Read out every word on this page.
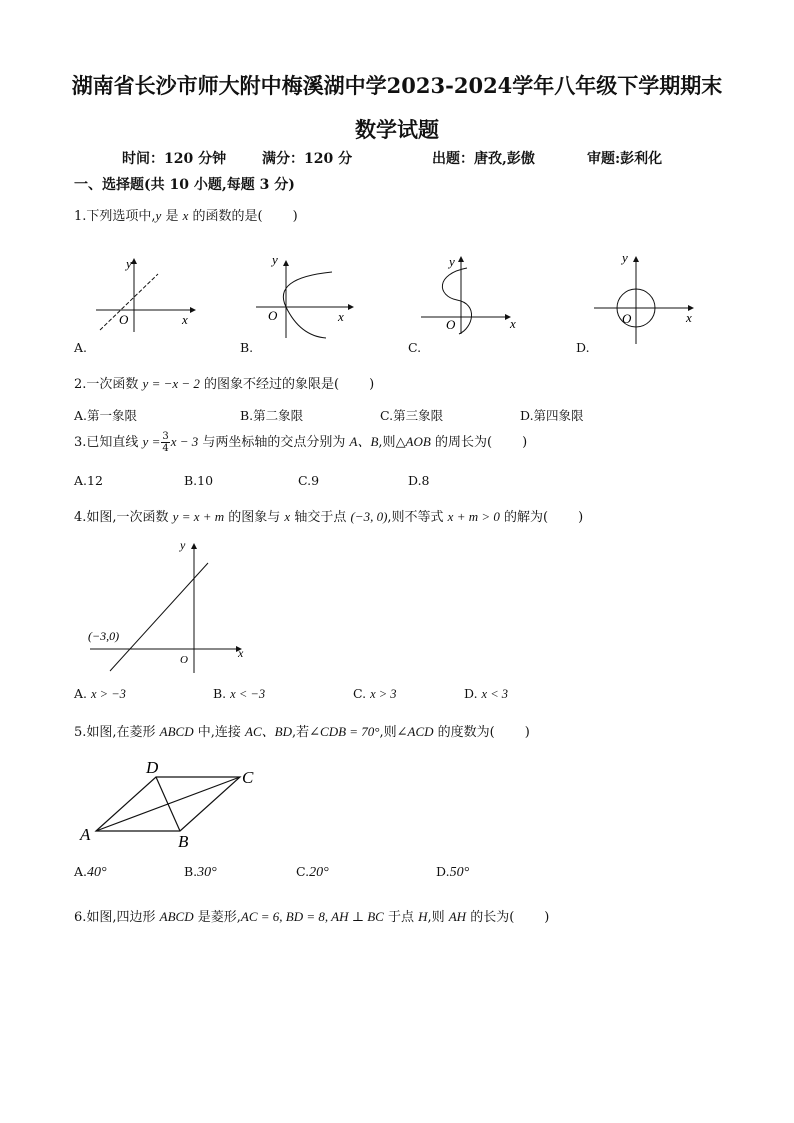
湖南省长沙市师大附中梅溪湖中学2023-2024学年八年级下学期期末
数学试题
时间：120 分钟	满分：120 分	出题：唐孜,彭傲	审题:彭利化
一、选择题(共 10 小题,每题 3 分)
1.下列选项中,y 是 x 的函数的是( )
y
x
O
y
x
O
y
x
O
y
x
O
A.	B.	C.	D.
2.一次函数 y = −x − 2 的图象不经过的象限是( )
A.第一象限	B.第二象限	C.第三象限	D.第四象限
3.已知直线 $y = \frac{3}{4}$ x − 3 与两坐标轴的交点分别为 A、B,则△AOB 的周长为( )
A.12	B.10	C.9	D.8
4.如图,一次函数 y = x + m 的图象与 x 轴交于点 (−3, 0),则不等式 x + m > 0 的解为( )
(−3,0)
y
x
O
A. x > −3	B. x < −3	C. x > 3	D. x < 3
5.如图,在菱形 ABCD 中,连接 AC、BD,若∠CDB = 70°,则∠ACD 的度数为( )
A	B
C
D
A.40°	B.30°	C.20°	D.50°
6.如图,四边形 ABCD 是菱形,AC = 6, BD = 8, AH ⊥ BC 于点 H,则 AH 的长为( )
